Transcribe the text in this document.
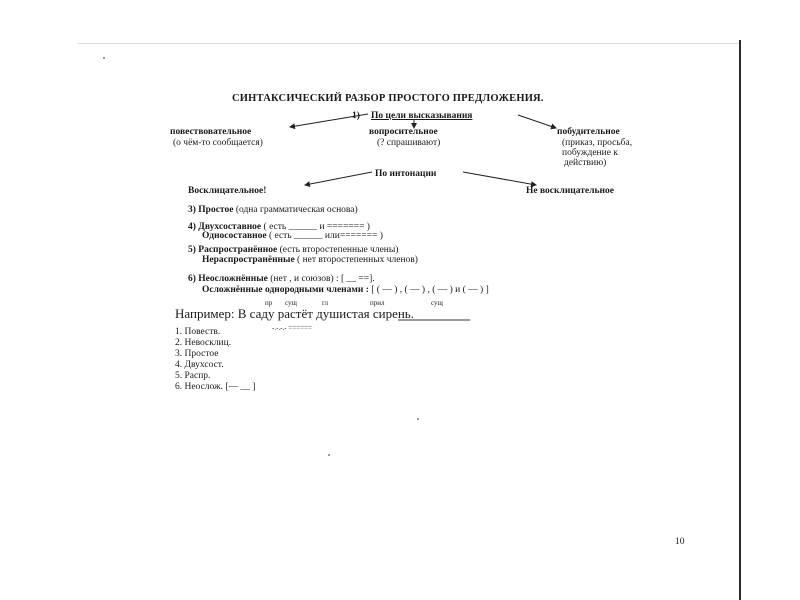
СИНТАКСИЧЕСКИЙ РАЗБОР ПРОСТОГО ПРЕДЛОЖЕНИЯ.
По цели высказывания
повествовательное
(о чём-то сообщается)
вопросительное
(? спрашивают)
побудительное
(приказ, просьба,
побуждение к
действию)
По интонации
Восклицательное!	Не восклицательное
3) Простое (одна грамматическая основа)
4) Двухсоставное ( есть ______ и ======= )
Односоставное ( есть ______ или======= )
5) Распространённое (есть второстепенные члены)
Нераспространённые ( нет второстепенных членов)
6) Неосложнённые (нет , и союзов) : [ __ ==].
Осложнённые однородными членами : [ ( — ) , ( — ) , ( — ) и ( — ) ]
пр сущ	гл	прил	сущ
Например: В саду растёт душистая сирень.
-.-.-.- ======
1. Повеств.
2. Невосклиц.
3. Простое
4. Двухсост.
5. Распр.
6. Неослож. [— __ ]
10
